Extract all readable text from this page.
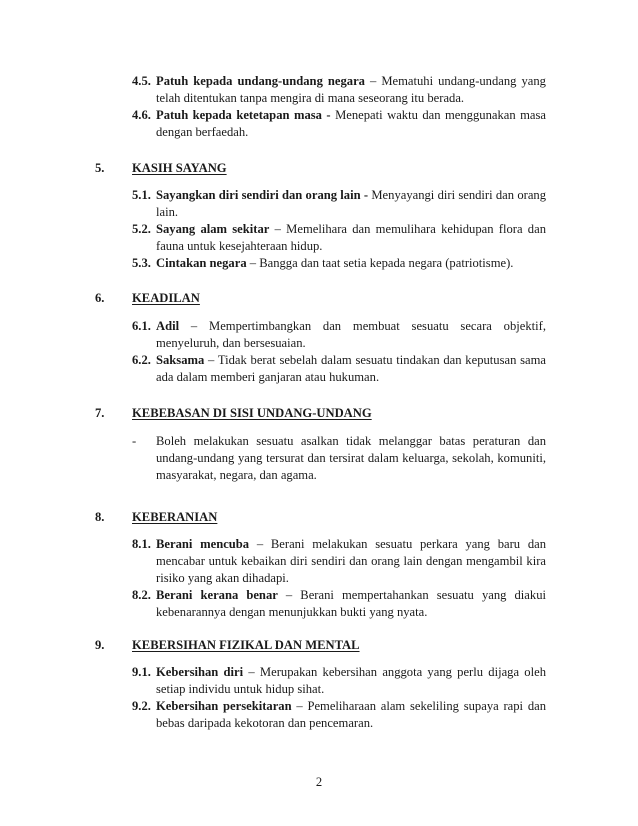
4.5. Patuh kepada undang-undang negara – Mematuhi undang-undang yang telah ditentukan tanpa mengira di mana seseorang itu berada.
4.6. Patuh kepada ketetapan masa - Menepati waktu dan menggunakan masa dengan berfaedah.
5.	KASIH SAYANG
5.1. Sayangkan diri sendiri dan orang lain - Menyayangi diri sendiri dan orang lain.
5.2. Sayang alam sekitar – Memelihara dan memulihara kehidupan flora dan fauna untuk kesejahteraan hidup.
5.3. Cintakan negara – Bangga dan taat setia kepada negara (patriotisme).
6.	KEADILAN
6.1. Adil – Mempertimbangkan dan membuat sesuatu secara objektif, menyeluruh, dan bersesuaian.
6.2. Saksama – Tidak berat sebelah dalam sesuatu tindakan dan keputusan sama ada dalam memberi ganjaran atau hukuman.
7.	KEBEBASAN DI SISI UNDANG-UNDANG
-	Boleh melakukan sesuatu asalkan tidak melanggar batas peraturan dan undang-undang yang tersurat dan tersirat dalam keluarga, sekolah, komuniti, masyarakat, negara, dan agama.
8.	KEBERANIAN
8.1. Berani mencuba – Berani melakukan sesuatu perkara yang baru dan mencabar untuk kebaikan diri sendiri dan orang lain dengan mengambil kira risiko yang akan dihadapi.
8.2. Berani kerana benar – Berani mempertahankan sesuatu yang diakui kebenarannya dengan menunjukkan bukti yang nyata.
9.	KEBERSIHAN FIZIKAL DAN MENTAL
9.1. Kebersihan diri – Merupakan kebersihan anggota yang perlu dijaga oleh setiap individu untuk hidup sihat.
9.2. Kebersihan persekitaran – Pemeliharaan alam sekeliling supaya rapi dan bebas daripada kekotoran dan pencemaran.
2
